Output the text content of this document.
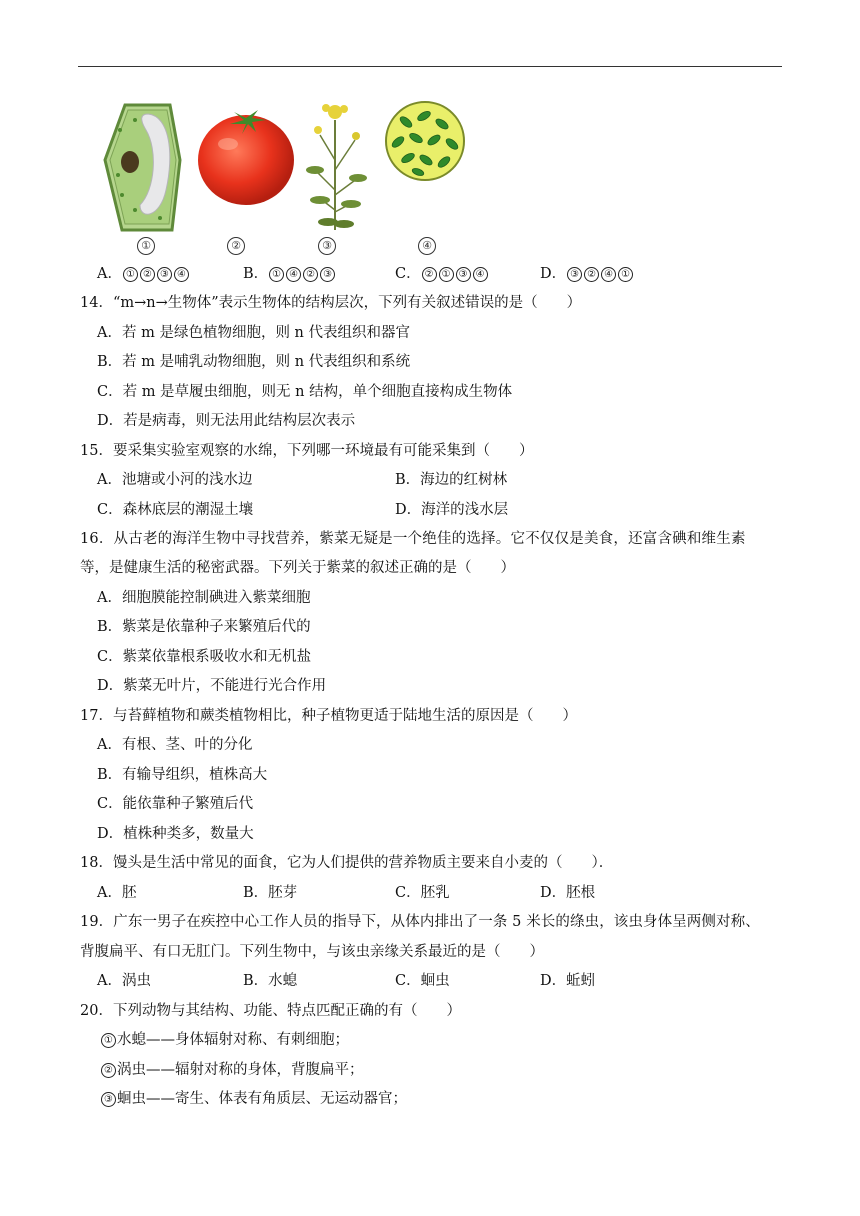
①	②	③	④
A． ① ② ③ ④	B． ① ④ ② ③	C． ② ① ③ ④	D． ③ ② ④ ①
14．“m→n→生物体”表示生物体的结构层次，下列有关叙述错误的是（　　）
A．若 m 是绿色植物细胞，则 n 代表组织和器官
B．若 m 是哺乳动物细胞，则 n 代表组织和系统
C．若 m 是草履虫细胞，则无 n 结构，单个细胞直接构成生物体
D．若是病毒，则无法用此结构层次表示
15．要采集实验室观察的水绵，下列哪一环境最有可能采集到（　　）
A．池塘或小河的浅水边	B．海边的红树林
C．森林底层的潮湿土壤	D．海洋的浅水层
16．从古老的海洋生物中寻找营养，紫菜无疑是一个绝佳的选择。它不仅仅是美食，还富含碘和维生素
等，是健康生活的秘密武器。下列关于紫菜的叙述正确的是（　　）
A．细胞膜能控制碘进入紫菜细胞
B．紫菜是依靠种子来繁殖后代的
C．紫菜依靠根系吸收水和无机盐
D．紫菜无叶片，不能进行光合作用
17．与苔藓植物和蕨类植物相比，种子植物更适于陆地生活的原因是（　　）
A．有根、茎、叶的分化
B．有输导组织，植株高大
C．能依靠种子繁殖后代
D．植株种类多，数量大
18．馒头是生活中常见的面食，它为人们提供的营养物质主要来自小麦的（　　）．
A．胚	B．胚芽	C．胚乳	D．胚根
19．广东一男子在疾控中心工作人员的指导下，从体内排出了一条 5 米长的绦虫，该虫身体呈两侧对称、
背腹扁平、有口无肛门。下列生物中，与该虫亲缘关系最近的是（　　）
A．涡虫	B．水螅	C．蛔虫	D．蚯蚓
20．下列动物与其结构、功能、特点匹配正确的有（　　）
① 水螅——身体辐射对称、有刺细胞；
② 涡虫——辐射对称的身体，背腹扁平；
③ 蛔虫——寄生、体表有角质层、无运动器官；
